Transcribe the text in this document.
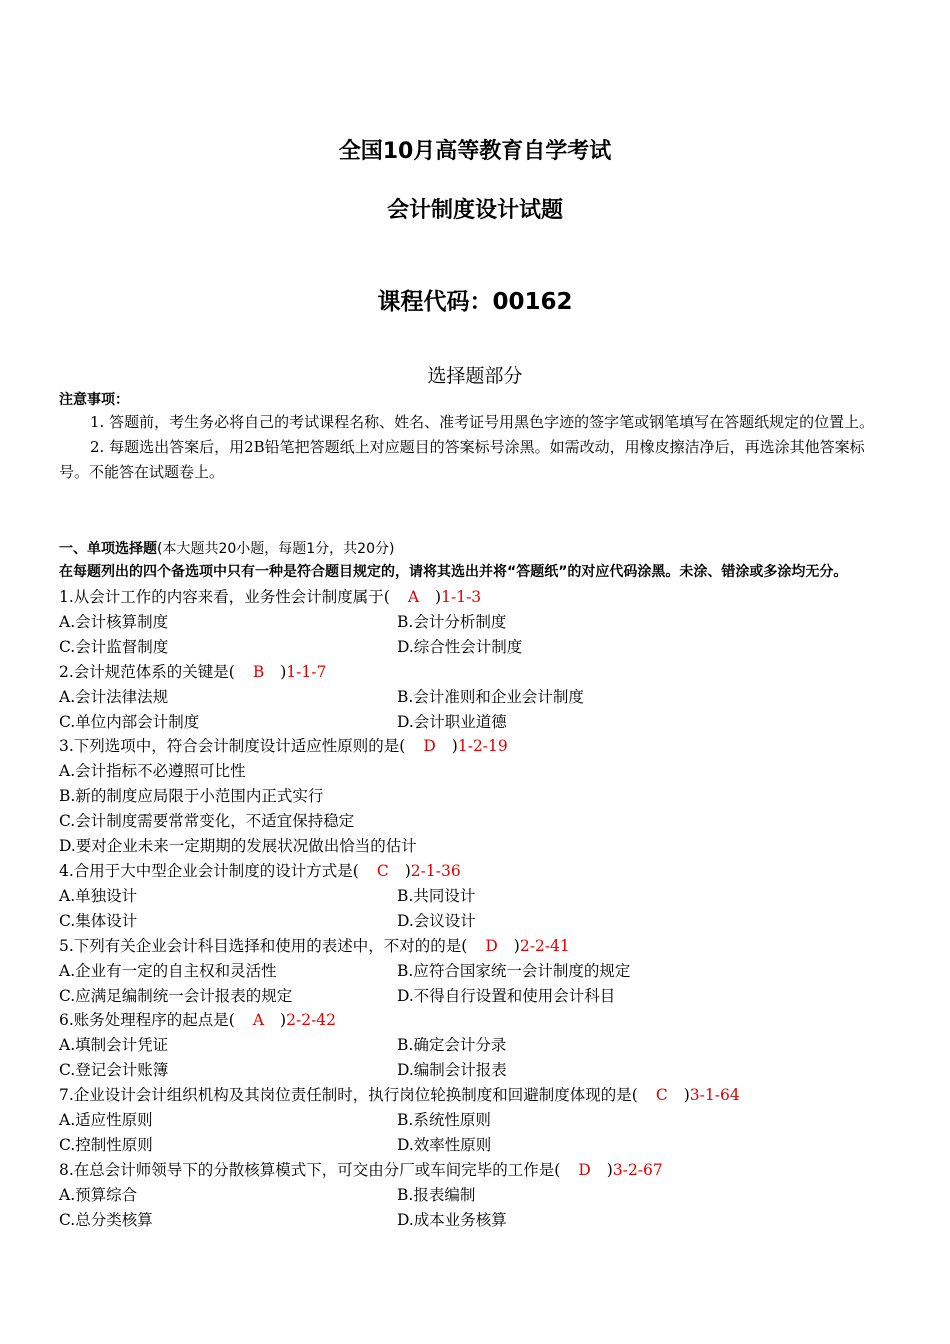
全国10月高等教育自学考试
会计制度设计试题
课程代码：00162
选择题部分
注意事项：
1. 答题前，考生务必将自己的考试课程名称、姓名、准考证号用黑色字迹的签字笔或钢笔填写在答题纸规定的位置上。
2. 每题选出答案后，用2B铅笔把答题纸上对应题目的答案标号涂黑。如需改动，用橡皮擦洁净后，再选涂其他答案标号。不能答在试题卷上。
一、单项选择题(本大题共20小题，每题1分，共20分)
在每题列出的四个备选项中只有一种是符合题目规定的，请将其选出并将“答题纸”的对应代码涂黑。未涂、错涂或多涂均无分。
1.从会计工作的内容来看，业务性会计制度属于( A )1-1-3
A.会计核算制度	B.会计分析制度
C.会计监督制度	D.综合性会计制度
2.会计规范体系的关键是( B )1-1-7
A.会计法律法规	B.会计准则和企业会计制度
C.单位内部会计制度	D.会计职业道德
3.下列选项中，符合会计制度设计适应性原则的是( D )1-2-19
A.会计指标不必遵照可比性
B.新的制度应局限于小范围内正式实行
C.会计制度需要常常变化，不适宜保持稳定
D.要对企业未来一定期期的发展状况做出恰当的估计
4.合用于大中型企业会计制度的设计方式是( C )2-1-36
A.单独设计	B.共同设计
C.集体设计	D.会议设计
5.下列有关企业会计科目选择和使用的表述中，不对的的是( D )2-2-41
A.企业有一定的自主权和灵活性	B.应符合国家统一会计制度的规定
C.应满足编制统一会计报表的规定	D.不得自行设置和使用会计科目
6.账务处理程序的起点是( A )2-2-42
A.填制会计凭证	B.确定会计分录
C.登记会计账簿	D.编制会计报表
7.企业设计会计组织机构及其岗位责任制时，执行岗位轮换制度和回避制度体现的是( C )3-1-64
A.适应性原则	B.系统性原则
C.控制性原则	D.效率性原则
8.在总会计师领导下的分散核算模式下，可交由分厂或车间完毕的工作是( D )3-2-67
A.预算综合	B.报表编制
C.总分类核算	D.成本业务核算
